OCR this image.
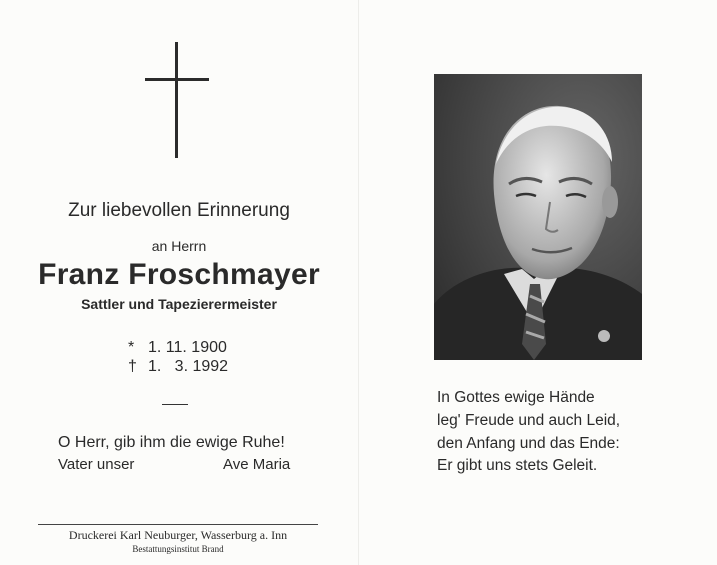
Zur liebevollen Erinnerung
an Herrn
Franz Froschmayer
Sattler und Tapezierermeister
* 1. 11. 1900
† 1.   3. 1992
O Herr, gib ihm die ewige Ruhe!
Vater unser	Ave Maria
Druckerei Karl Neuburger, Wasserburg a. Inn
Bestattungsinstitut Brand
In Gottes ewige Hände
leg' Freude und auch Leid,
den Anfang und das Ende:
Er gibt uns stets Geleit.
